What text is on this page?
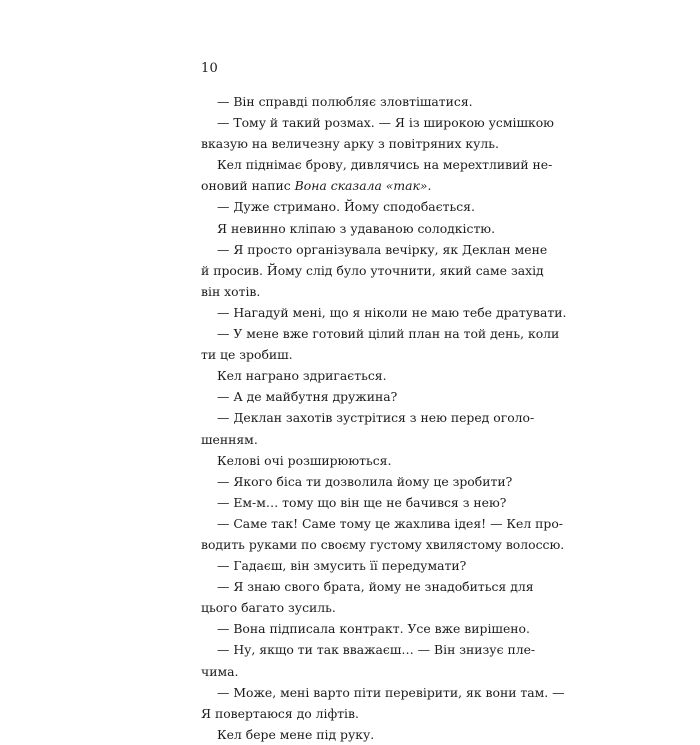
10
— Він справді полюбляє зловтішатися.
— Тому й такий розмах. — Я із широкою усмішкою
вказую на величезну арку з повітряних куль.
Кел піднімає брову, дивлячись на мерехтливий не-
оновий напис Вона сказала «так».
— Дуже стримано. Йому сподобається.
Я невинно кліпаю з удаваною солодкістю.
— Я просто організувала вечірку, як Деклан мене
й просив. Йому слід було уточнити, який саме захід
він хотів.
— Нагадуй мені, що я ніколи не маю тебе дратувати.
— У мене вже готовий цілий план на той день, коли
ти це зробиш.
Кел награно здригається.
— А де майбутня дружина?
— Деклан захотів зустрітися з нею перед оголо-
шенням.
Келові очі розширюються.
— Якого біса ти дозволила йому це зробити?
— Ем-м… тому що він ще не бачився з нею?
— Саме так! Саме тому це жахлива ідея! — Кел про-
водить руками по своєму густому хвилястому волоссю.
— Гадаєш, він змусить її передумати?
— Я знаю свого брата, йому не знадобиться для
цього багато зусиль.
— Вона підписала контракт. Усе вже вирішено.
— Ну, якщо ти так вважаєш… — Він знизує пле-
чима.
— Може, мені варто піти перевірити, як вони там. —
Я повертаюся до ліфтів.
Кел бере мене під руку.
